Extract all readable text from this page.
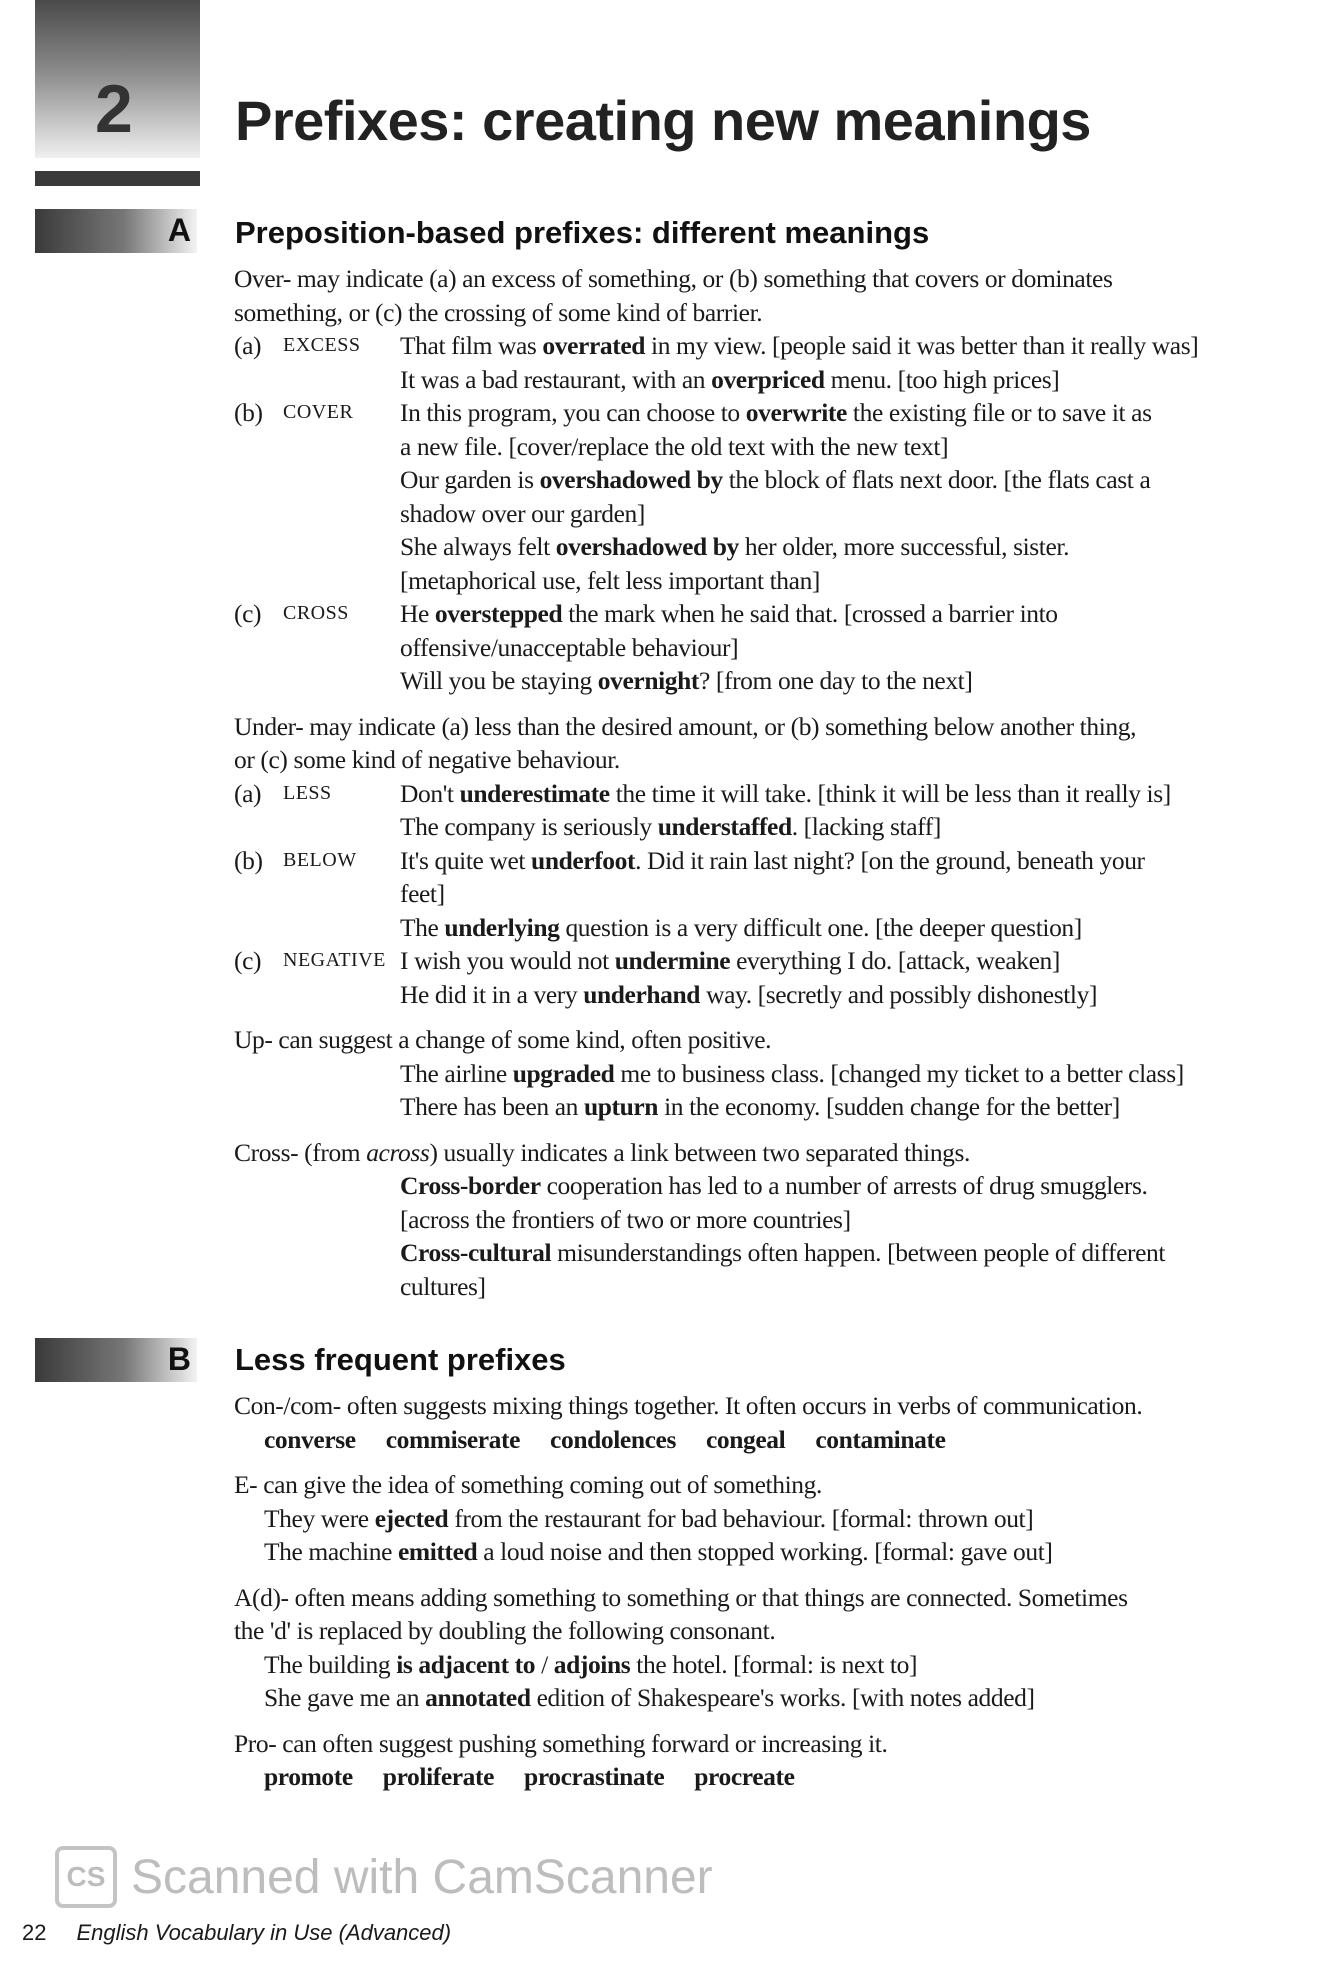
2 Prefixes: creating new meanings
A Preposition-based prefixes: different meanings
Over- may indicate (a) an excess of something, or (b) something that covers or dominates
something, or (c) the crossing of some kind of barrier.
(a)	EXCESS	That film was overrated in my view. [people said it was better than it really was]
It was a bad restaurant, with an overpriced menu. [too high prices]
(b)	COVER	In this program, you can choose to overwrite the existing file or to save it as
a new file. [cover/replace the old text with the new text]
Our garden is overshadowed by the block of flats next door. [the flats cast a
shadow over our garden]
She always felt overshadowed by her older, more successful, sister.
[metaphorical use, felt less important than]
(c)	CROSS	He overstepped the mark when he said that. [crossed a barrier into
offensive/unacceptable behaviour]
Will you be staying overnight? [from one day to the next]
Under- may indicate (a) less than the desired amount, or (b) something below another thing,
or (c) some kind of negative behaviour.
(a)	LESS	Don't underestimate the time it will take. [think it will be less than it really is]
The company is seriously understaffed. [lacking staff]
(b)	BELOW	It's quite wet underfoot. Did it rain last night? [on the ground, beneath your
feet]
The underlying question is a very difficult one. [the deeper question]
(c)	NEGATIVE I wish you would not undermine everything I do. [attack, weaken]
He did it in a very underhand way. [secretly and possibly dishonestly]
Up- can suggest a change of some kind, often positive.
The airline upgraded me to business class. [changed my ticket to a better class]
There has been an upturn in the economy. [sudden change for the better]
Cross- (from across) usually indicates a link between two separated things.
Cross-border cooperation has led to a number of arrests of drug smugglers.
[across the frontiers of two or more countries]
Cross-cultural misunderstandings often happen. [between people of different
cultures]
B Less frequent prefixes
Con-/com- often suggests mixing things together. It often occurs in verbs of communication.
converse commiserate condolences congeal contaminate
E- can give the idea of something coming out of something.
They were ejected from the restaurant for bad behaviour. [formal: thrown out]
The machine emitted a loud noise and then stopped working. [formal: gave out]
A(d)- often means adding something to something or that things are connected. Sometimes
the 'd' is replaced by doubling the following consonant.
The building is adjacent to / adjoins the hotel. [formal: is next to]
She gave me an annotated edition of Shakespeare's works. [with notes added]
Pro- can often suggest pushing something forward or increasing it.
promote proliferate procrastinate procreate
CS Scanned with CamScanner
22 English Vocabulary in Use (Advanced)
